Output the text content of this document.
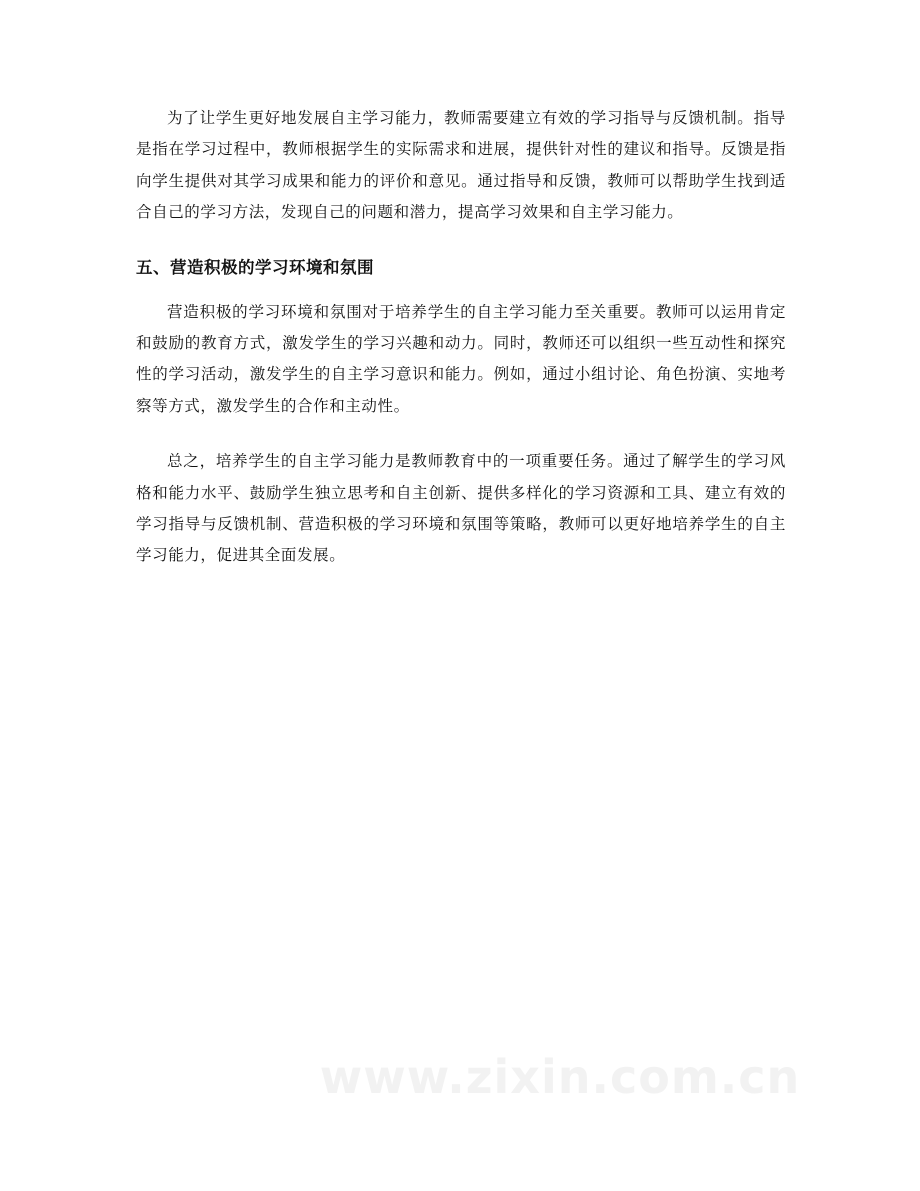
为了让学生更好地发展自主学习能力，教师需要建立有效的学习指导与反馈机制。指导是指在学习过程中，教师根据学生的实际需求和进展，提供针对性的建议和指导。反馈是指向学生提供对其学习成果和能力的评价和意见。通过指导和反馈，教师可以帮助学生找到适合自己的学习方法，发现自己的问题和潜力，提高学习效果和自主学习能力。

五、营造积极的学习环境和氛围

营造积极的学习环境和氛围对于培养学生的自主学习能力至关重要。教师可以运用肯定和鼓励的教育方式，激发学生的学习兴趣和动力。同时，教师还可以组织一些互动性和探究性的学习活动，激发学生的自主学习意识和能力。例如，通过小组讨论、角色扮演、实地考察等方式，激发学生的合作和主动性。

总之，培养学生的自主学习能力是教师教育中的一项重要任务。通过了解学生的学习风格和能力水平、鼓励学生独立思考和自主创新、提供多样化的学习资源和工具、建立有效的学习指导与反馈机制、营造积极的学习环境和氛围等策略，教师可以更好地培养学生的自主学习能力，促进其全面发展。

www.zixin.com.cn
